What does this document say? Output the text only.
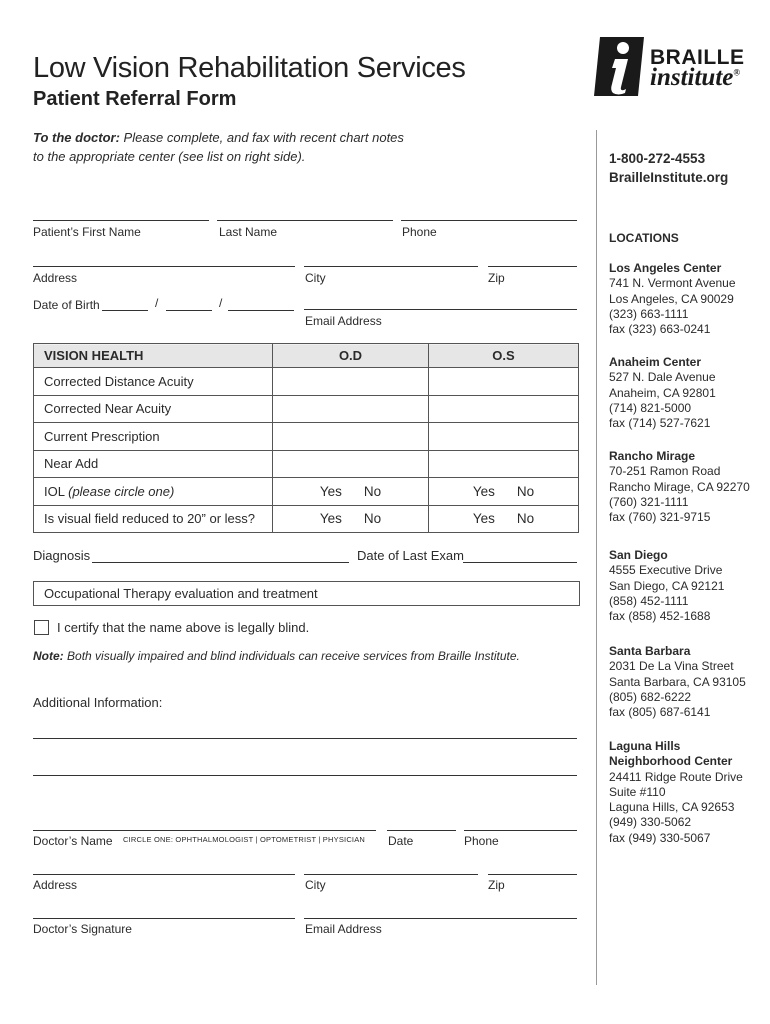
Low Vision Rehabilitation Services
Patient Referral Form
To the doctor: Please complete, and fax with recent chart notes
to the appropriate center (see list on right side).
BRAILLE
institute®
1-800-272-4553
BrailleInstitute.org
LOCATIONS
Los Angeles Center
741 N. Vermont Avenue
Los Angeles, CA 90029
(323) 663-1111
fax (323) 663-0241
Anaheim Center
527 N. Dale Avenue
Anaheim, CA 92801
(714) 821-5000
fax (714) 527-7621
Rancho Mirage
70-251 Ramon Road
Rancho Mirage, CA 92270
(760) 321-1111
fax (760) 321-9715
San Diego
4555 Executive Drive
San Diego, CA 92121
(858) 452-1111
fax (858) 452-1688
Santa Barbara
2031 De La Vina Street
Santa Barbara, CA 93105
(805) 682-6222
fax (805) 687-6141
Laguna Hills
Neighborhood Center
24411 Ridge Route Drive
Suite #110
Laguna Hills, CA 92653
(949) 330-5062
fax (949) 330-5067
Patient’s First Name	Last Name	Phone
Address	City	Zip
Date of Birth	/	/
Email Address
VISION HEALTH	O.D	O.S
Corrected Distance Acuity		
Corrected Near Acuity		
Current Prescription		
Near Add		
IOL (please circle one)	Yes No	Yes No

Is visual field reduced to 20” or less?	Yes No	Yes No
Diagnosis	Date of Last Exam
Occupational Therapy evaluation and treatment
I certify that the name above is legally blind.
Note: Both visually impaired and blind individuals can receive services from Braille Institute.
Additional Information:
Doctor’s Name CIRCLE ONE: OPHTHALMOLOGIST | OPTOMETRIST | PHYSICIAN Date	Phone
Address	City	Zip
Doctor’s Signature	Email Address
